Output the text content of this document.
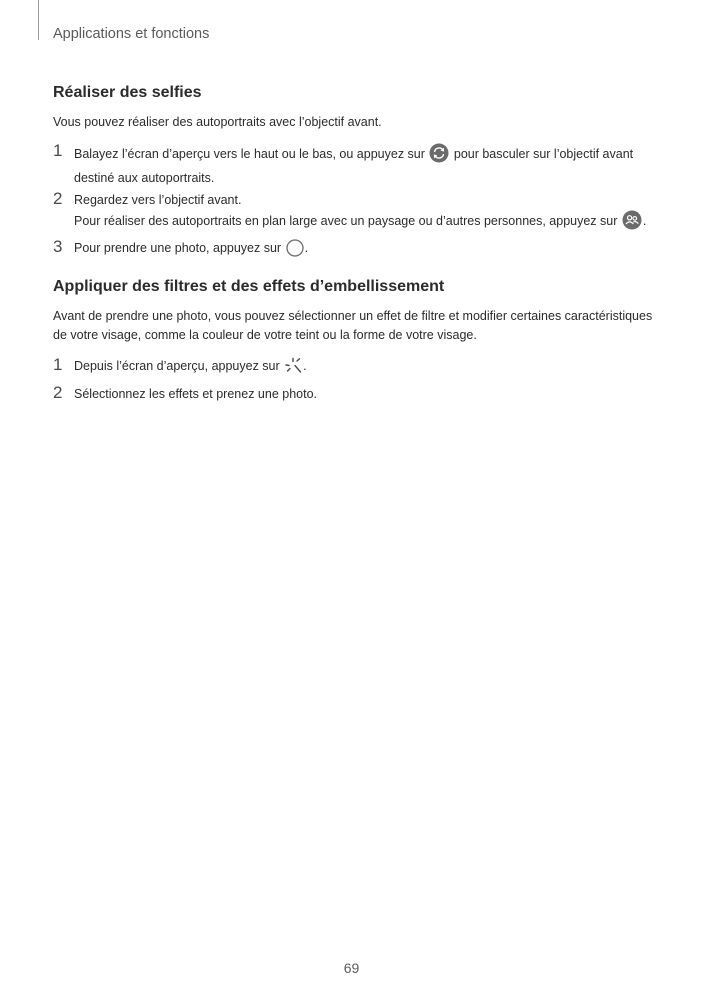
Applications et fonctions
Réaliser des selfies
Vous pouvez réaliser des autoportraits avec l’objectif avant.
1 Balayez l’écran d’aperçu vers le haut ou le bas, ou appuyez sur  pour basculer sur l’objectif avant
destiné aux autoportraits.
2 Regardez vers l’objectif avant.
Pour réaliser des autoportraits en plan large avec un paysage ou d’autres personnes, appuyez sur .
3 Pour prendre une photo, appuyez sur .
Appliquer des filtres et des effets d’embellissement
Avant de prendre une photo, vous pouvez sélectionner un effet de filtre et modifier certaines caractéristiques
de votre visage, comme la couleur de votre teint ou la forme de votre visage.
1 Depuis l’écran d’aperçu, appuyez sur .
2 Sélectionnez les effets et prenez une photo.
69
